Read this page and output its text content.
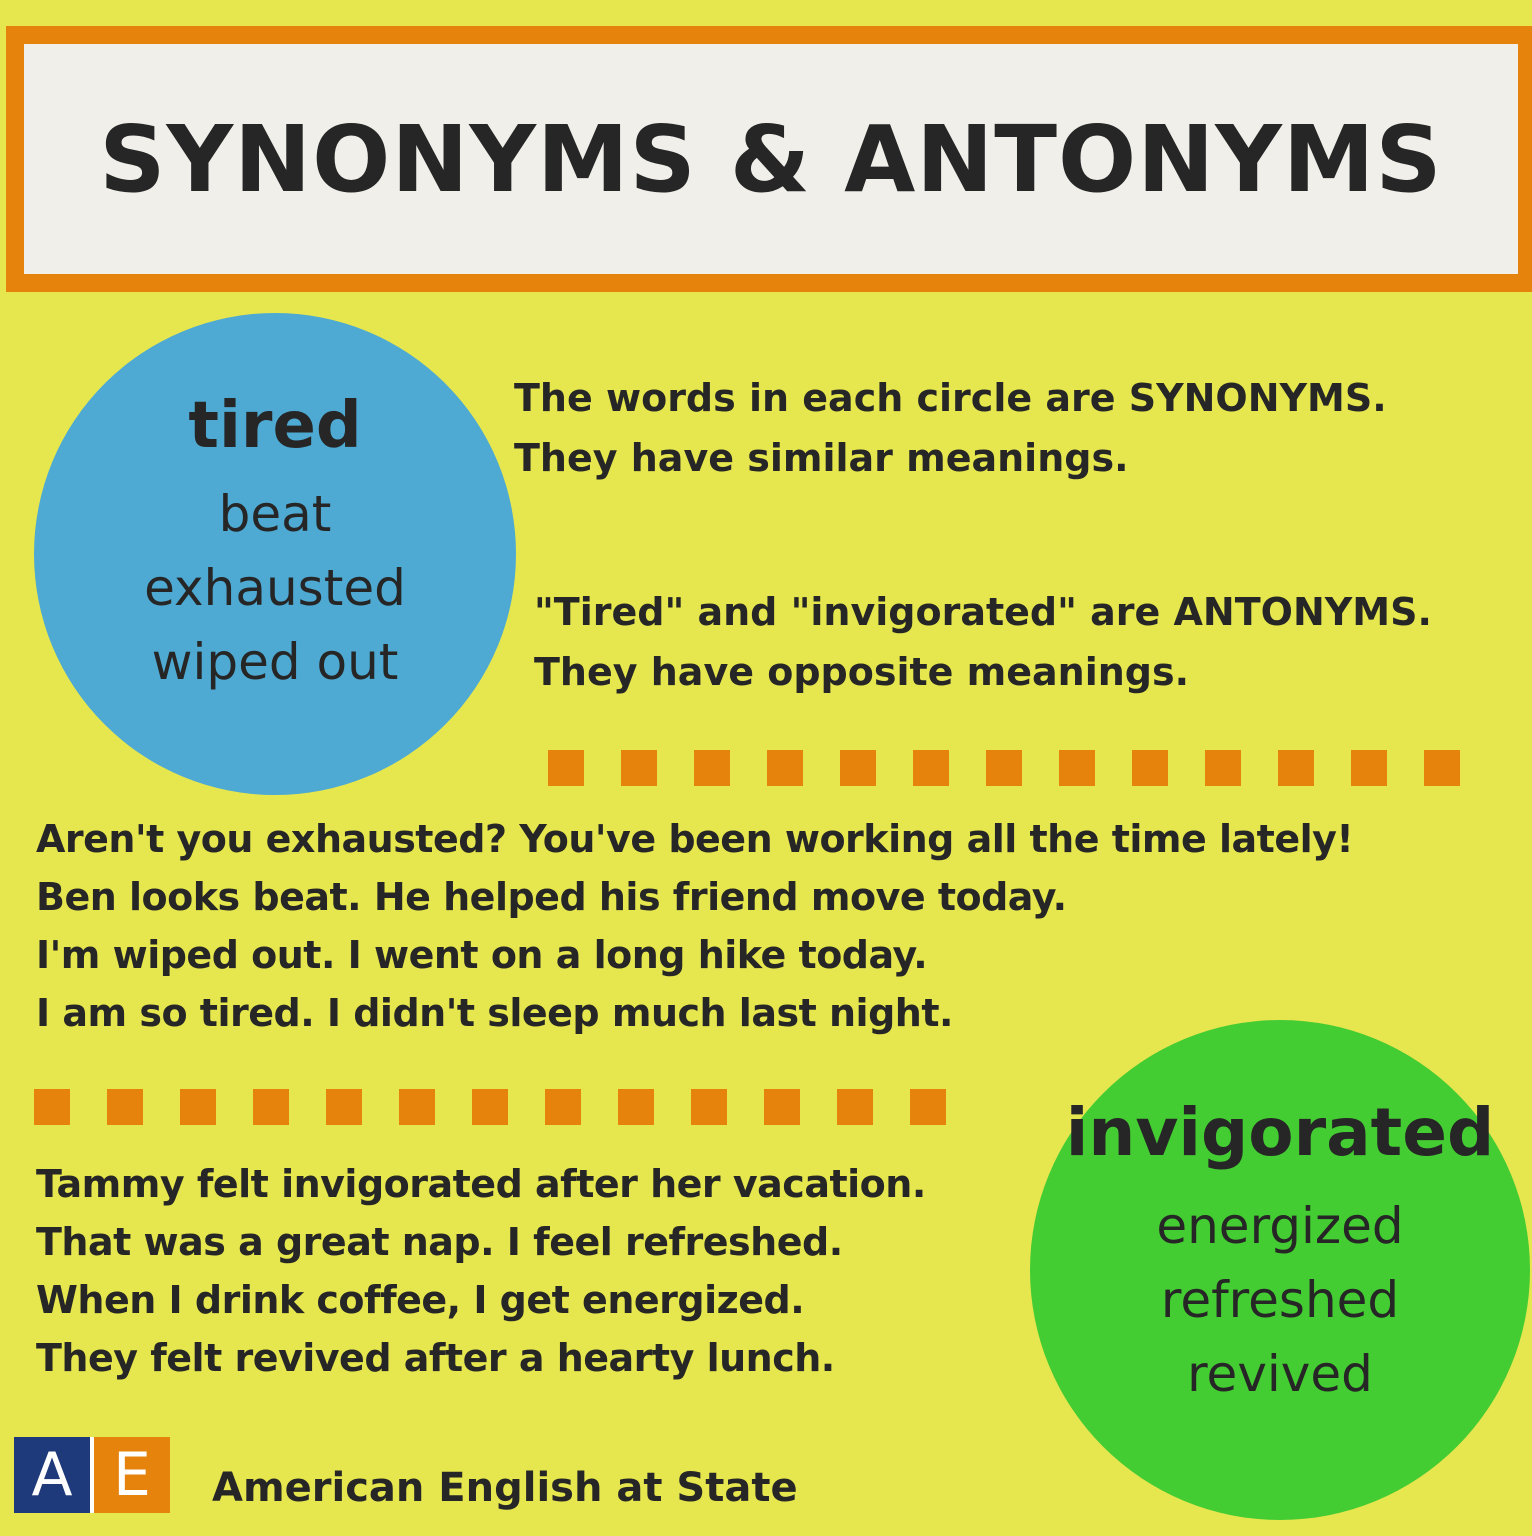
SYNONYMS & ANTONYMS
tired
beat
exhausted
wiped out
The words in each circle are SYNONYMS.
They have similar meanings.
"Tired" and "invigorated" are ANTONYMS.
They have opposite meanings.
Aren't you exhausted? You've been working all the time lately!
Ben looks beat. He helped his friend move today.
I'm wiped out. I went on a long hike today.
I am so tired. I didn't sleep much last night.
Tammy felt invigorated after her vacation.
That was a great nap. I feel refreshed.
When I drink coffee, I get energized.
They felt revived after a hearty lunch.
invigorated
energized
refreshed
revived
A E	American English at State
